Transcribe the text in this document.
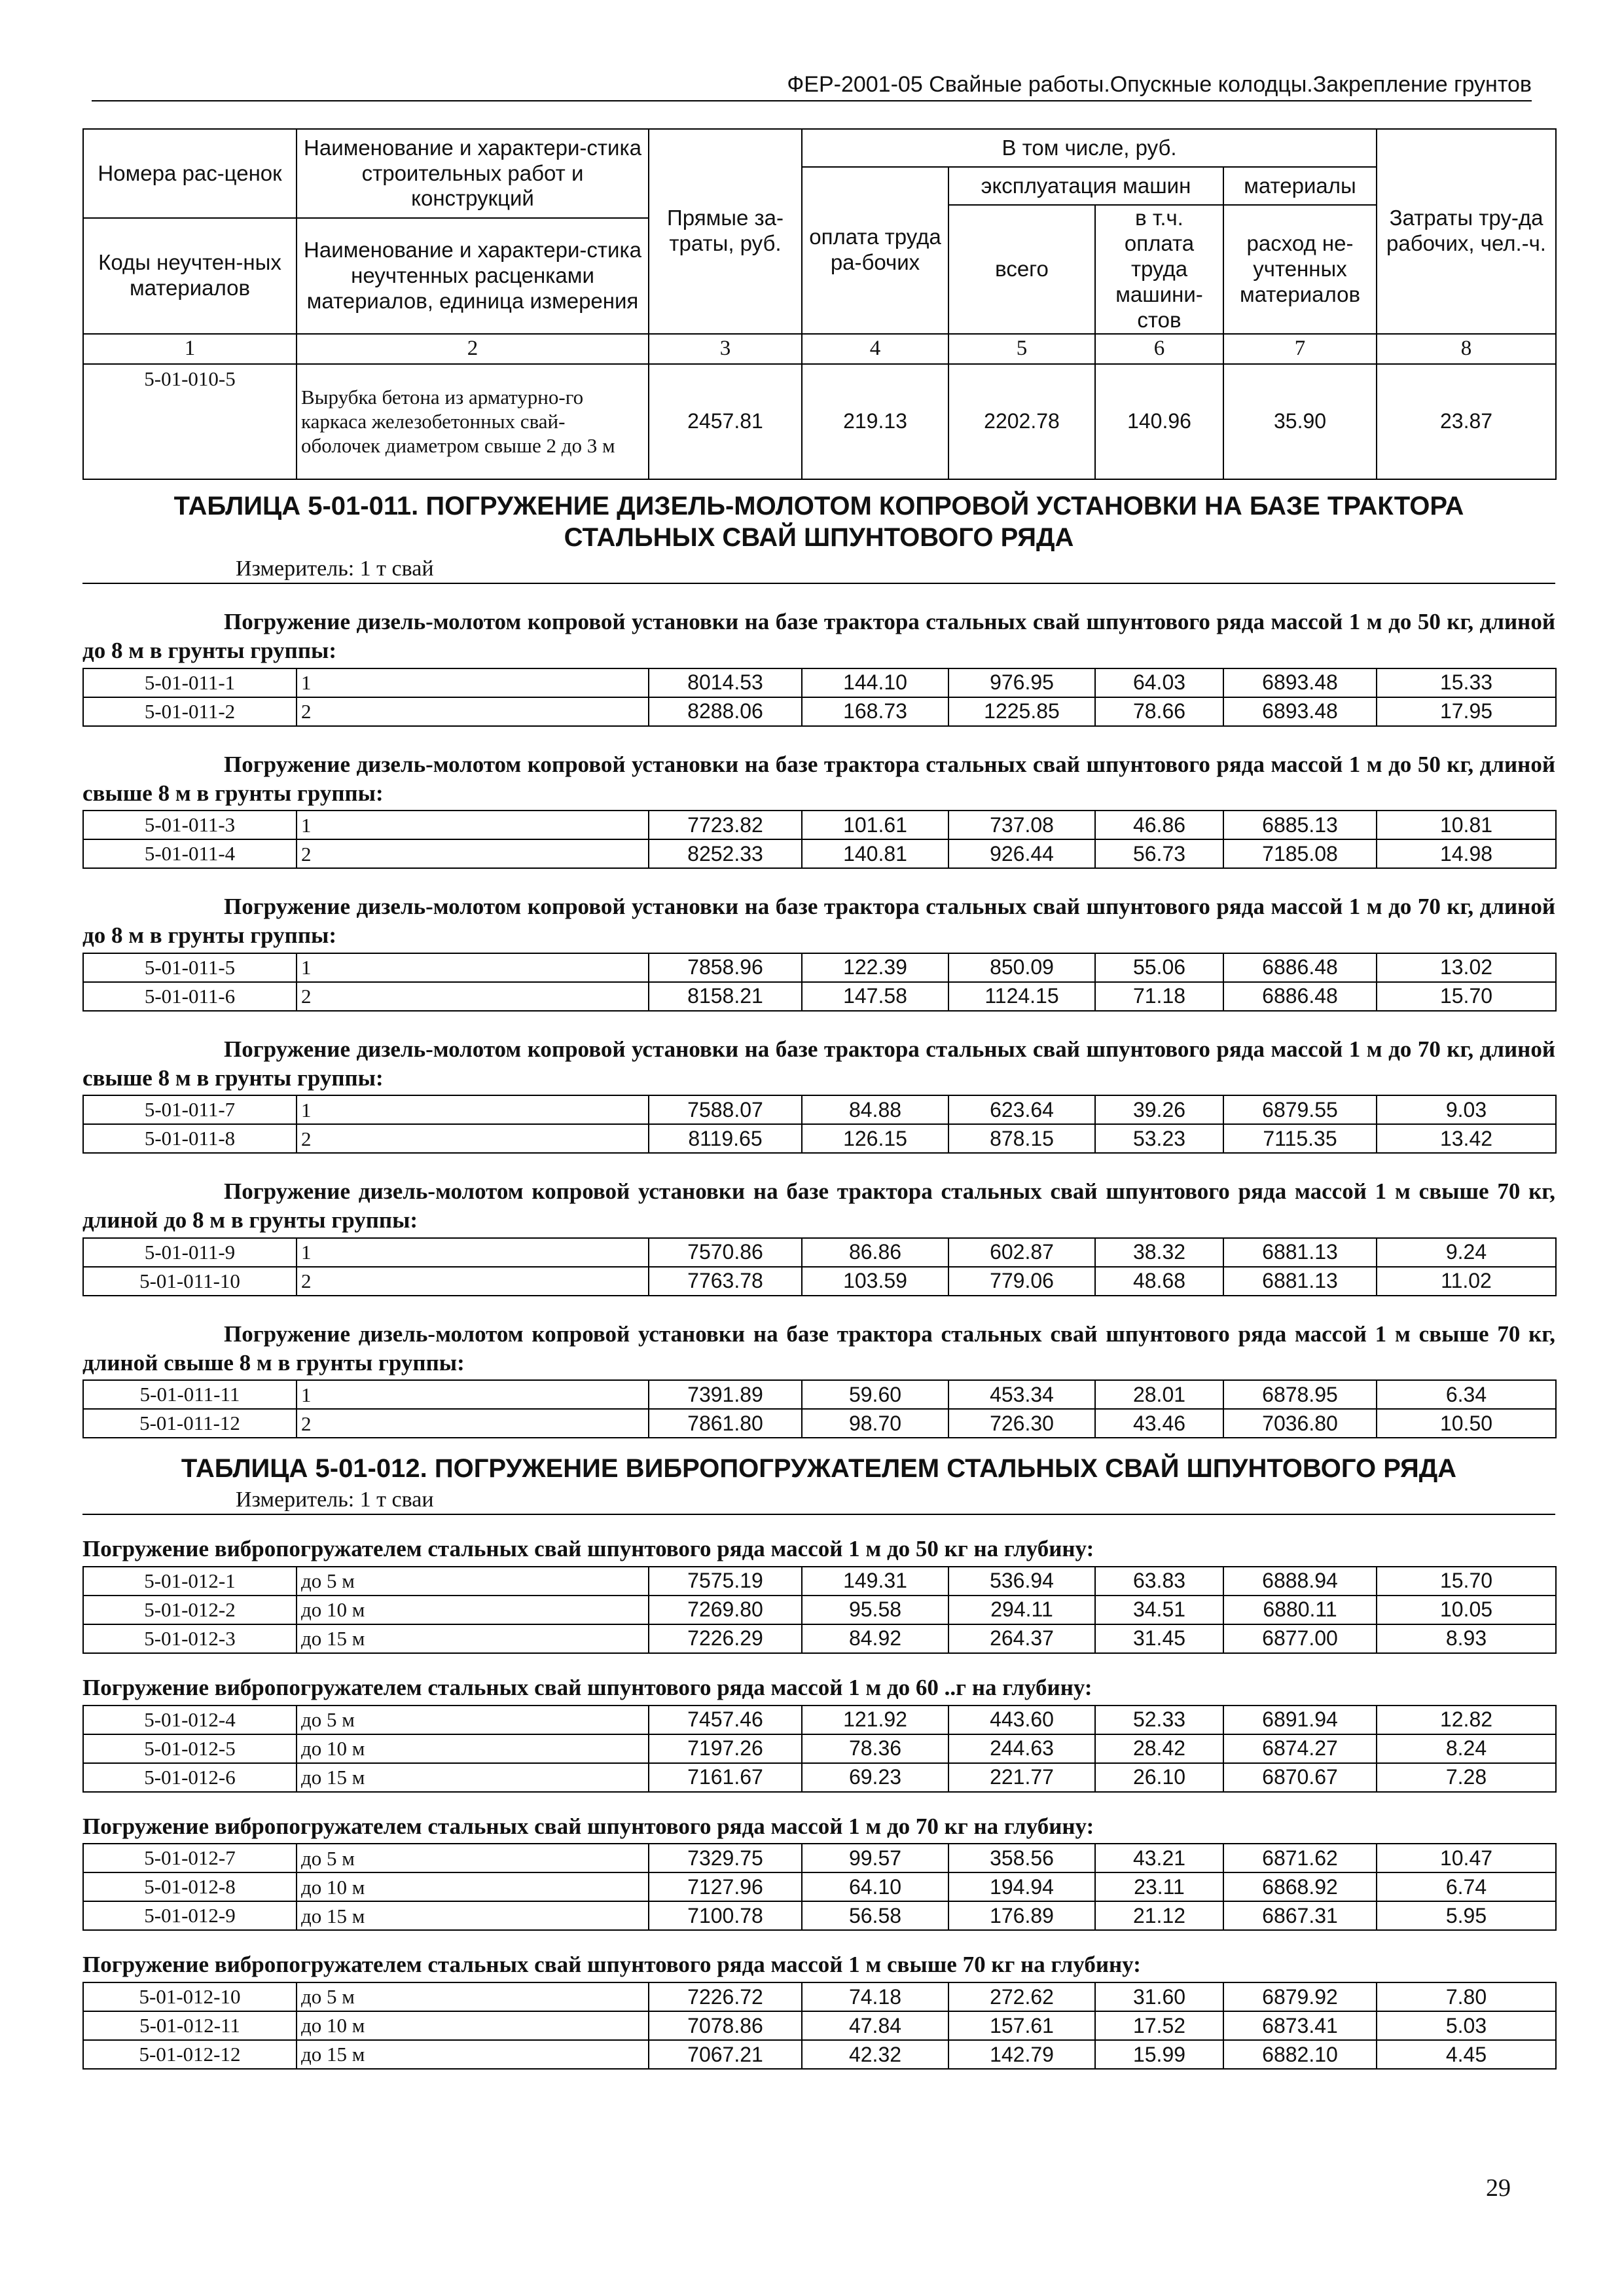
ФЕР-2001-05 Свайные работы.Опускные колодцы.Закрепление грунтов
Номера рас-ценок	Наименование и характери-стика строительных работ и конструкций	Прямые за-траты, руб.	В том числе, руб.				Затраты тру-да рабочих, чел.-ч.
			оплата труда ра-бочих	эксплуатация машин		материалы	
				всего	в т.ч. оплата труда машини-стов	расход не-учтенных материалов	
Коды неучтен-ных материалов	Наименование и характери-стика неучтенных расценками материалов, единица измерения						

1	2	3	4	5	6	7	8
5-01-010-5	Вырубка бетона из арматурно-го каркаса железобетонных свай-оболочек диаметром свыше 2 до 3 м	2457.81	219.13	2202.78	140.96	35.90	23.87
ТАБЛИЦА 5-01-011. ПОГРУЖЕНИЕ ДИЗЕЛЬ-МОЛОТОМ КОПРОВОЙ УСТАНОВКИ НА БАЗЕ ТРАКТОРА
СТАЛЬНЫХ СВАЙ ШПУНТОВОГО РЯДА
Измеритель: 1 т свай
Погружение дизель-молотом копровой установки на базе трактора стальных свай шпунтового ряда массой 1 м до 50 кг, длиной до 8 м в грунты группы:
5-01-011-1	1	8014.53	144.10	976.95	64.03	6893.48	15.33
5-01-011-2	2	8288.06	168.73	1225.85	78.66	6893.48	17.95
Погружение дизель-молотом копровой установки на базе трактора стальных свай шпунтового ряда массой 1 м до 50 кг, длиной свыше 8 м в грунты группы:
5-01-011-3	1	7723.82	101.61	737.08	46.86	6885.13	10.81
5-01-011-4	2	8252.33	140.81	926.44	56.73	7185.08	14.98
Погружение дизель-молотом копровой установки на базе трактора стальных свай шпунтового ряда массой 1 м до 70 кг, длиной до 8 м в грунты группы:
5-01-011-5	1	7858.96	122.39	850.09	55.06	6886.48	13.02
5-01-011-6	2	8158.21	147.58	1124.15	71.18	6886.48	15.70
Погружение дизель-молотом копровой установки на базе трактора стальных свай шпунтового ряда массой 1 м до 70 кг, длиной свыше 8 м в грунты группы:
5-01-011-7	1	7588.07	84.88	623.64	39.26	6879.55	9.03
5-01-011-8	2	8119.65	126.15	878.15	53.23	7115.35	13.42
Погружение дизель-молотом копровой установки на базе трактора стальных свай шпунтового ряда массой 1 м свыше 70 кг, длиной до 8 м в грунты группы:
5-01-011-9	1	7570.86	86.86	602.87	38.32	6881.13	9.24
5-01-011-10	2	7763.78	103.59	779.06	48.68	6881.13	11.02
Погружение дизель-молотом копровой установки на базе трактора стальных свай шпунтового ряда массой 1 м свыше 70 кг, длиной свыше 8 м в грунты группы:
5-01-011-11	1	7391.89	59.60	453.34	28.01	6878.95	6.34
5-01-011-12	2	7861.80	98.70	726.30	43.46	7036.80	10.50
ТАБЛИЦА 5-01-012. ПОГРУЖЕНИЕ ВИБРОПОГРУЖАТЕЛЕМ СТАЛЬНЫХ СВАЙ ШПУНТОВОГО РЯДА
Измеритель: 1 т сваи
Погружение вибропогружателем стальных свай шпунтового ряда массой 1 м до 50 кг на глубину:
5-01-012-1	до 5 м	7575.19	149.31	536.94	63.83	6888.94	15.70
5-01-012-2	до 10 м	7269.80	95.58	294.11	34.51	6880.11	10.05
5-01-012-3	до 15 м	7226.29	84.92	264.37	31.45	6877.00	8.93
Погружение вибропогружателем стальных свай шпунтового ряда массой 1 м до 60 ..г на глубину:
5-01-012-4	до 5 м	7457.46	121.92	443.60	52.33	6891.94	12.82
5-01-012-5	до 10 м	7197.26	78.36	244.63	28.42	6874.27	8.24
5-01-012-6	до 15 м	7161.67	69.23	221.77	26.10	6870.67	7.28
Погружение вибропогружателем стальных свай шпунтового ряда массой 1 м до 70 кг на глубину:
5-01-012-7	до 5 м	7329.75	99.57	358.56	43.21	6871.62	10.47
5-01-012-8	до 10 м	7127.96	64.10	194.94	23.11	6868.92	6.74
5-01-012-9	до 15 м	7100.78	56.58	176.89	21.12	6867.31	5.95
Погружение вибропогружателем стальных свай шпунтового ряда массой 1 м свыше 70 кг на глубину:
5-01-012-10	до 5 м	7226.72	74.18	272.62	31.60	6879.92	7.80
5-01-012-11	до 10 м	7078.86	47.84	157.61	17.52	6873.41	5.03
5-01-012-12	до 15 м	7067.21	42.32	142.79	15.99	6882.10	4.45
29
